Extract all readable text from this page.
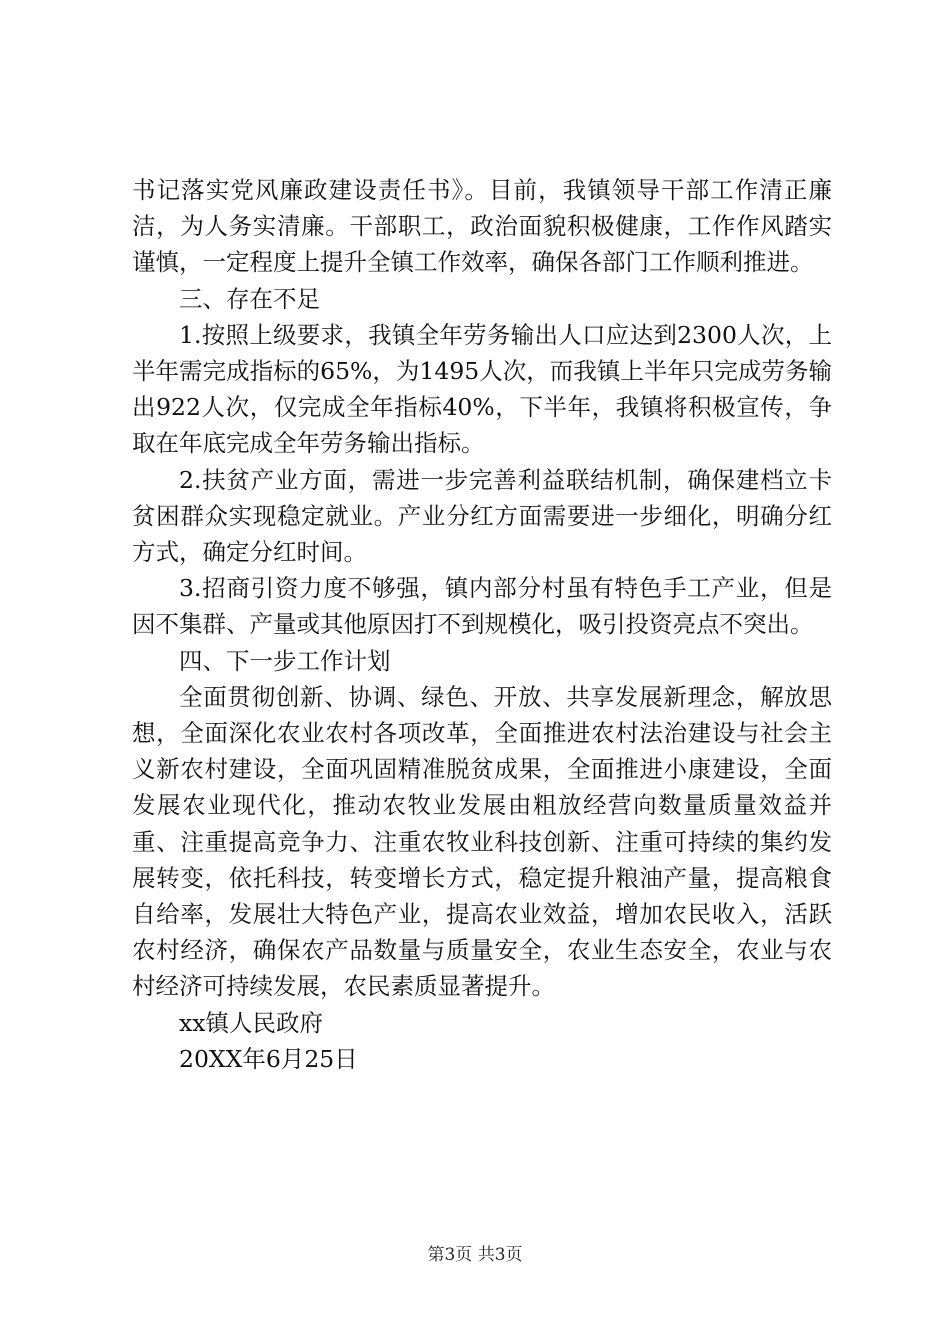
书记落实党风廉政建设责任书》。目前，我镇领导干部工作清正廉洁，为人务实清廉。干部职工，政治面貌积极健康，工作作风踏实谨慎，一定程度上提升全镇工作效率，确保各部门工作顺利推进。

三、存在不足

1.按照上级要求，我镇全年劳务输出人口应达到2300人次，上半年需完成指标的65%，为1495人次，而我镇上半年只完成劳务输出922人次，仅完成全年指标40%，下半年，我镇将积极宣传，争取在年底完成全年劳务输出指标。

2.扶贫产业方面，需进一步完善利益联结机制，确保建档立卡贫困群众实现稳定就业。产业分红方面需要进一步细化，明确分红方式，确定分红时间。

3.招商引资力度不够强，镇内部分村虽有特色手工产业，但是因不集群、产量或其他原因打不到规模化，吸引投资亮点不突出。

四、下一步工作计划

全面贯彻创新、协调、绿色、开放、共享发展新理念，解放思想，全面深化农业农村各项改革，全面推进农村法治建设与社会主义新农村建设，全面巩固精准脱贫成果，全面推进小康建设，全面发展农业现代化，推动农牧业发展由粗放经营向数量质量效益并重、注重提高竞争力、注重农牧业科技创新、注重可持续的集约发展转变，依托科技，转变增长方式，稳定提升粮油产量，提高粮食自给率，发展壮大特色产业，提高农业效益，增加农民收入，活跃农村经济，确保农产品数量与质量安全，农业生态安全，农业与农村经济可持续发展，农民素质显著提升。

xx镇人民政府

20XX年6月25日

第3页 共3页
